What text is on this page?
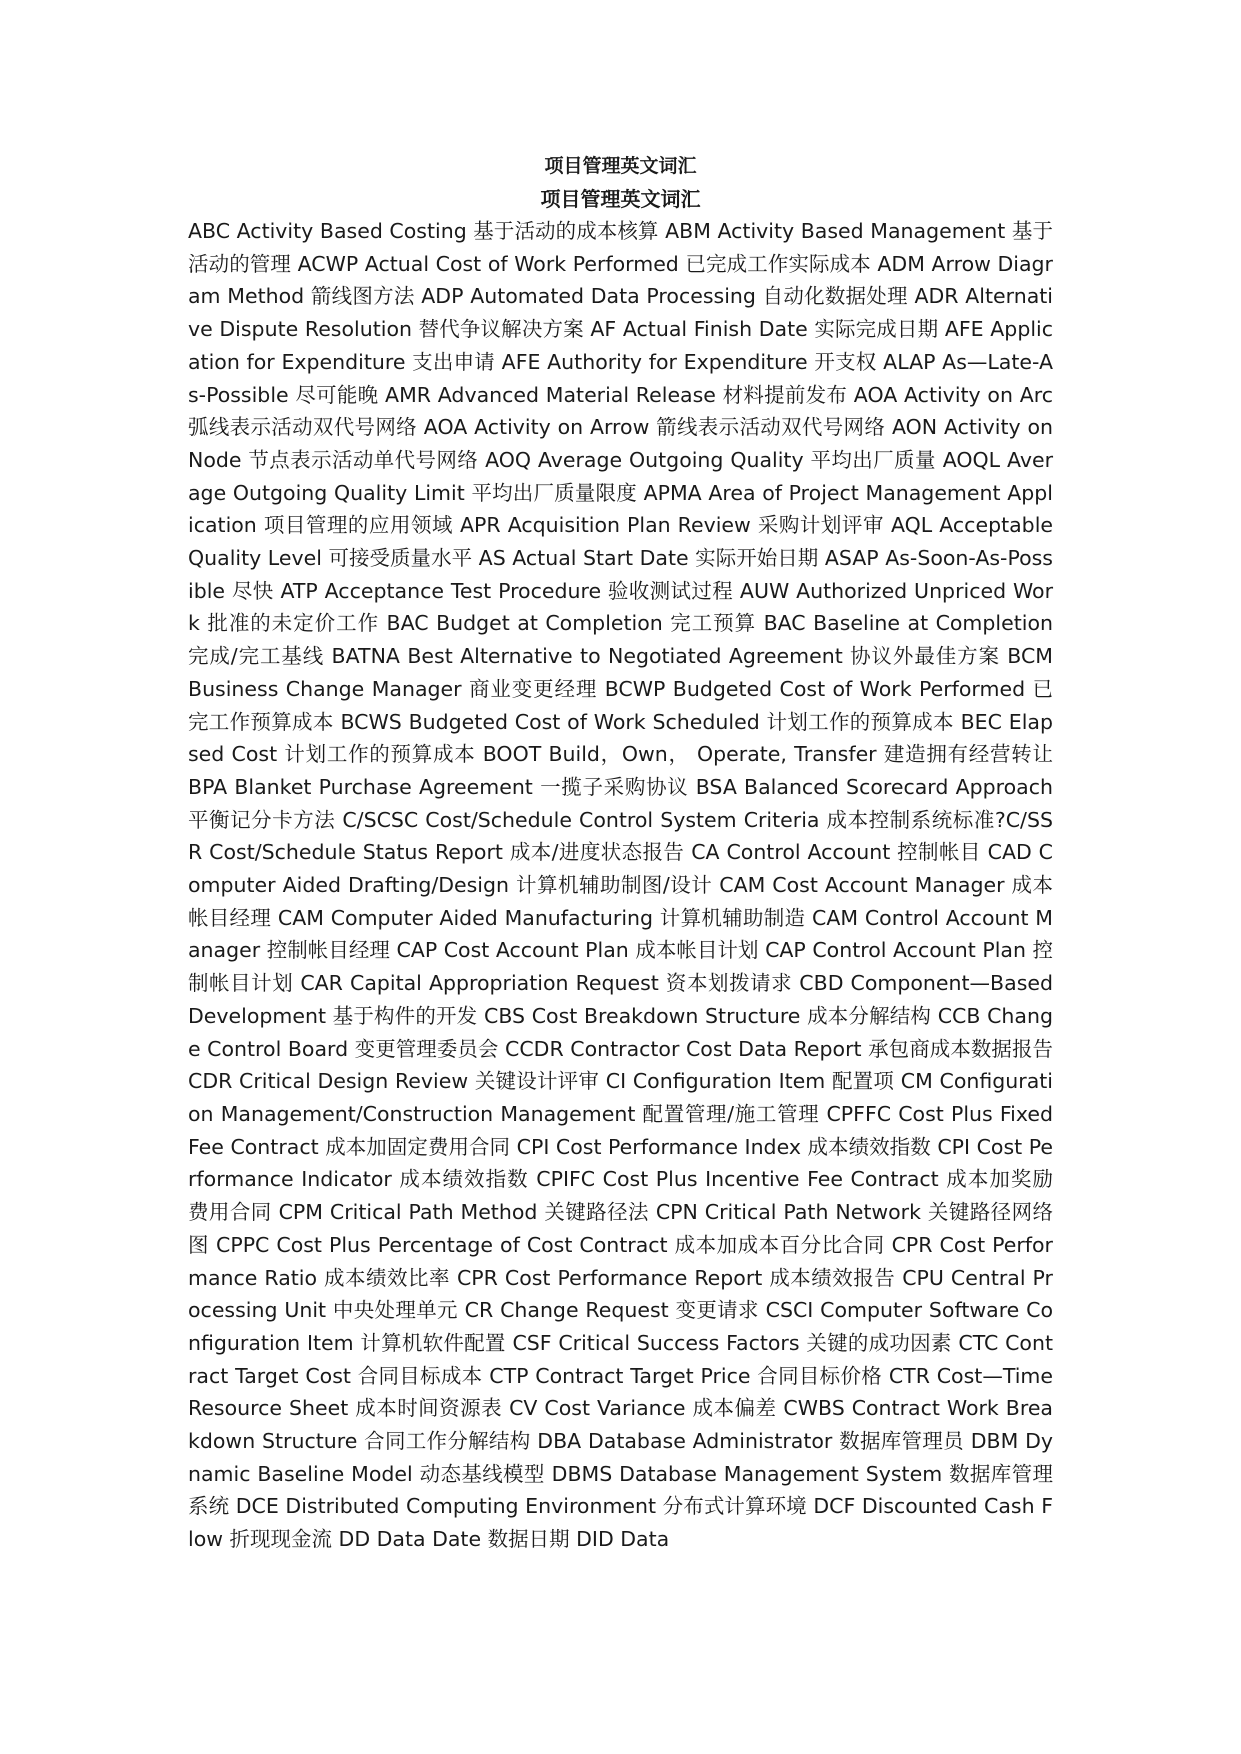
项目管理英文词汇
项目管理英文词汇

ABC Activity Based Costing 基于活动的成本核算 ABM Activity Based Management 基于活动的管理 ACWP Actual Cost of Work Performed 已完成工作实际成本 ADM Arrow Diagram Method 箭线图方法 ADP Automated Data Processing 自动化数据处理 ADR Alternative Dispute Resolution 替代争议解决方案 AF Actual Finish Date 实际完成日期 AFE Application for Expenditure 支出申请 AFE Authority for Expenditure 开支权 ALAP As—Late-As-Possible 尽可能晚 AMR Advanced Material Release 材料提前发布 AOA Activity on Arc 弧线表示活动双代号网络 AOA Activity on Arrow 箭线表示活动双代号网络 AON Activity on Node 节点表示活动单代号网络 AOQ Average Outgoing Quality 平均出厂质量 AOQL Average Outgoing Quality Limit 平均出厂质量限度 APMA Area of Project Management Application 项目管理的应用领域 APR Acquisition Plan Review 采购计划评审 AQL Acceptable Quality Level 可接受质量水平 AS Actual Start Date 实际开始日期 ASAP As-Soon-As-Possible 尽快 ATP Acceptance Test Procedure 验收测试过程 AUW Authorized Unpriced Work 批准的未定价工作 BAC Budget at Completion 完工预算 BAC Baseline at Completion 完成/完工基线 BATNA Best Alternative to Negotiated Agreement 协议外最佳方案 BCM Business Change Manager 商业变更经理 BCWP Budgeted Cost of Work Performed 已完工作预算成本 BCWS Budgeted Cost of Work Scheduled 计划工作的预算成本 BEC Elapsed Cost 计划工作的预算成本 BOOT Build，Own， Operate, Transfer 建造拥有经营转让 BPA Blanket Purchase Agreement 一揽子采购协议 BSA Balanced Scorecard Approach 平衡记分卡方法 C/SCSC Cost/Schedule Control System Criteria 成本控制系统标准?C/SSR Cost/Schedule Status Report 成本/进度状态报告 CA Control Account 控制帐目 CAD Computer Aided Drafting/Design 计算机辅助制图/设计 CAM Cost Account Manager 成本帐目经理 CAM Computer Aided Manufacturing 计算机辅助制造 CAM Control Account Manager 控制帐目经理 CAP Cost Account Plan 成本帐目计划 CAP Control Account Plan 控制帐目计划 CAR Capital Appropriation Request 资本划拨请求 CBD Component—Based Development 基于构件的开发 CBS Cost Breakdown Structure 成本分解结构 CCB Change Control Board 变更管理委员会 CCDR Contractor Cost Data Report 承包商成本数据报告 CDR Critical Design Review 关键设计评审 CI Configuration Item 配置项 CM Configuration Management/Construction Management 配置管理/施工管理 CPFFC Cost Plus Fixed Fee Contract 成本加固定费用合同 CPI Cost Performance Index 成本绩效指数 CPI Cost Performance Indicator 成本绩效指数 CPIFC Cost Plus Incentive Fee Contract 成本加奖励费用合同 CPM Critical Path Method 关键路径法 CPN Critical Path Network 关键路径网络图 CPPC Cost Plus Percentage of Cost Contract 成本加成本百分比合同 CPR Cost Performance Ratio 成本绩效比率 CPR Cost Performance Report 成本绩效报告 CPU Central Processing Unit 中央处理单元 CR Change Request 变更请求 CSCI Computer Software Configuration Item 计算机软件配置 CSF Critical Success Factors 关键的成功因素 CTC Contract Target Cost 合同目标成本 CTP Contract Target Price 合同目标价格 CTR Cost—Time Resource Sheet 成本时间资源表 CV Cost Variance 成本偏差 CWBS Contract Work Breakdown Structure 合同工作分解结构 DBA Database Administrator 数据库管理员 DBM Dynamic Baseline Model 动态基线模型 DBMS Database Management System 数据库管理系统 DCE Distributed Computing Environment 分布式计算环境 DCF Discounted Cash Flow 折现现金流 DD Data Date 数据日期 DID Data
